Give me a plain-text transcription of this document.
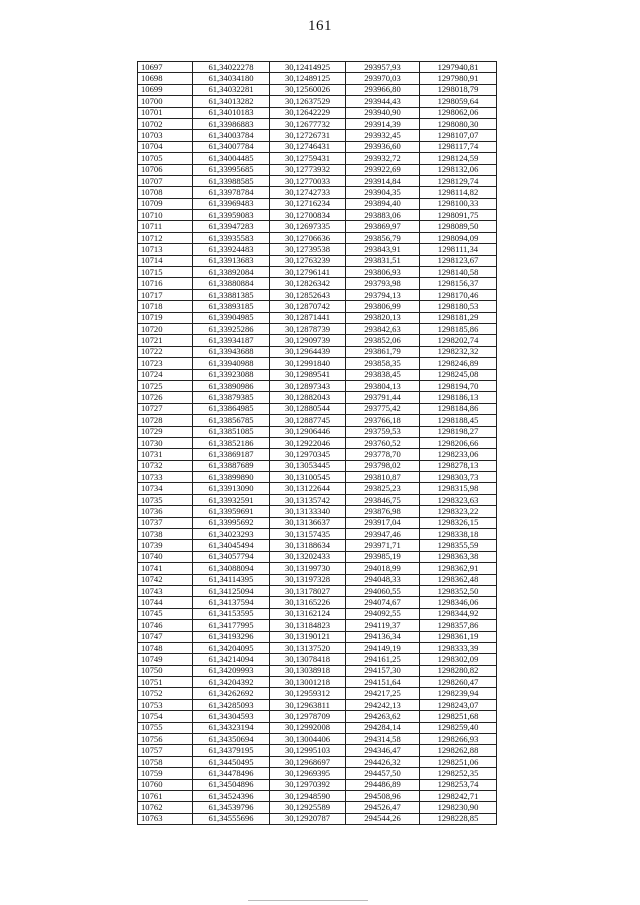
161
10697	61,34022278	30,12414925	293957,93	1297940,81
10698	61,34034180	30,12489125	293970,03	1297980,91
10699	61,34032281	30,12560026	293966,80	1298018,79
10700	61,34013282	30,12637529	293944,43	1298059,64
10701	61,34010183	30,12642229	293940,90	1298062,06
10702	61,33986883	30,12677732	293914,39	1298080,30
10703	61,34003784	30,12726731	293932,45	1298107,07
10704	61,34007784	30,12746431	293936,60	1298117,74
10705	61,34004485	30,12759431	293932,72	1298124,59
10706	61,33995685	30,12773932	293922,69	1298132,06
10707	61,33988585	30,12770033	293914,84	1298129,74
10708	61,33978784	30,12742733	293904,35	1298114,82
10709	61,33969483	30,12716234	293894,40	1298100,33
10710	61,33959083	30,12700834	293883,06	1298091,75
10711	61,33947283	30,12697335	293869,97	1298089,50
10712	61,33935583	30,12706636	293856,79	1298094,09
10713	61,33924483	30,12739538	293843,91	1298111,34
10714	61,33913683	30,12763239	293831,51	1298123,67
10715	61,33892084	30,12796141	293806,93	1298140,58
10716	61,33880884	30,12826342	293793,98	1298156,37
10717	61,33881385	30,12852643	293794,13	1298170,46
10718	61,33893185	30,12870742	293806,99	1298180,53
10719	61,33904985	30,12871441	293820,13	1298181,29
10720	61,33925286	30,12878739	293842,63	1298185,86
10721	61,33934187	30,12909739	293852,06	1298202,74
10722	61,33943688	30,12964439	293861,79	1298232,32
10723	61,33940988	30,12991840	293858,35	1298246,89
10724	61,33923088	30,12989541	293838,45	1298245,08
10725	61,33890986	30,12897343	293804,13	1298194,70
10726	61,33879385	30,12882043	293791,44	1298186,13
10727	61,33864985	30,12880544	293775,42	1298184,86
10728	61,33856785	30,12887745	293766,18	1298188,45
10729	61,33851085	30,12906446	293759,53	1298198,27
10730	61,33852186	30,12922046	293760,52	1298206,66
10731	61,33869187	30,12970345	293778,70	1298233,06
10732	61,33887689	30,13053445	293798,02	1298278,13
10733	61,33899890	30,13100545	293810,87	1298303,73
10734	61,33913090	30,13122644	293825,23	1298315,98
10735	61,33932591	30,13135742	293846,75	1298323,63
10736	61,33959691	30,13133340	293876,98	1298323,22
10737	61,33995692	30,13136637	293917,04	1298326,15
10738	61,34023293	30,13157435	293947,46	1298338,18
10739	61,34045494	30,13188634	293971,71	1298355,59
10740	61,34057794	30,13202433	293985,19	1298363,38
10741	61,34088094	30,13199730	294018,99	1298362,91
10742	61,34114395	30,13197328	294048,33	1298362,48
10743	61,34125094	30,13178027	294060,55	1298352,50
10744	61,34137594	30,13165226	294074,67	1298346,06
10745	61,34153595	30,13162124	294092,55	1298344,92
10746	61,34177995	30,13184823	294119,37	1298357,86
10747	61,34193296	30,13190121	294136,34	1298361,19
10748	61,34204095	30,13137520	294149,19	1298333,39
10749	61,34214094	30,13078418	294161,25	1298302,09
10750	61,34209993	30,13038918	294157,30	1298280,82
10751	61,34204392	30,13001218	294151,64	1298260,47
10752	61,34262692	30,12959312	294217,25	1298239,94
10753	61,34285093	30,12963811	294242,13	1298243,07
10754	61,34304593	30,12978709	294263,62	1298251,68
10755	61,34323194	30,12992008	294284,14	1298259,40
10756	61,34350694	30,13004406	294314,58	1298266,93
10757	61,34379195	30,12995103	294346,47	1298262,88
10758	61,34450495	30,12968697	294426,32	1298251,06
10759	61,34478496	30,12969395	294457,50	1298252,35
10760	61,34504896	30,12970392	294486,89	1298253,74
10761	61,34524396	30,12948590	294508,96	1298242,71
10762	61,34539796	30,12925589	294526,47	1298230,90
10763	61,34555696	30,12920787	294544,26	1298228,85
